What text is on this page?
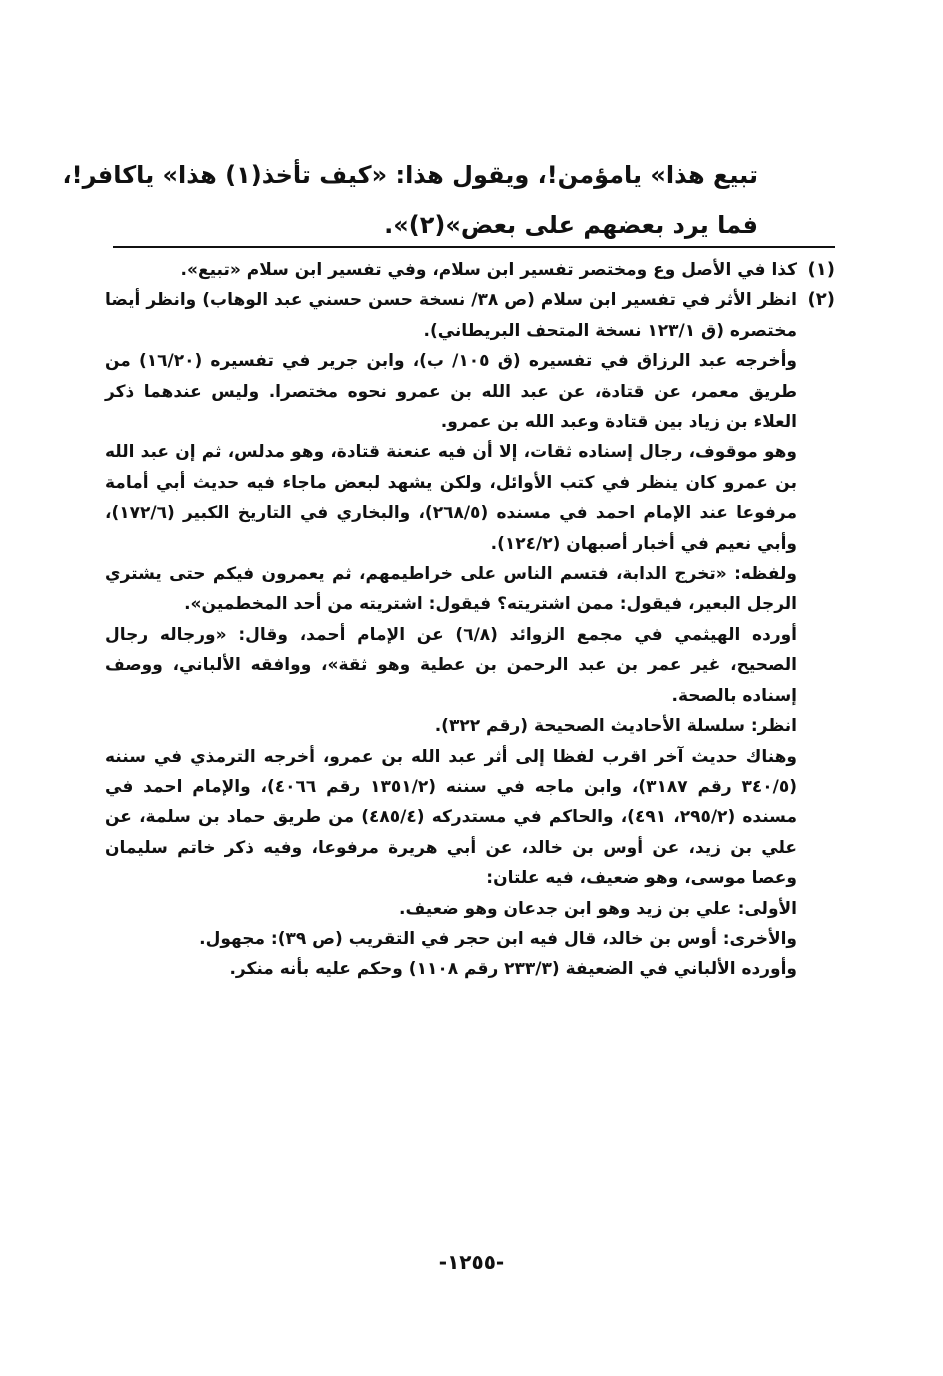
تبيع هذا» يامؤمن!، ويقول هذا: «كيف تأخذ(١) هذا» ياكافر!،

فما يرد بعضهم على بعض»(٢)».

(١)

كذا في الأصل وع ومختصر تفسير ابن سلام، وفي تفسير ابن سلام «تبيع».

(٢)

انظر الأثر في تفسير ابن سلام (ص ٣٨/ نسخة حسن حسني عبد الوهاب) وانظر أيضا مختصره (ق ١٢٣/١ نسخة المتحف البريطاني).

وأخرجه عبد الرزاق في تفسيره (ق ١٠٥/ ب)، وابن جرير في تفسيره (١٦/٢٠) من طريق معمر، عن قتادة، عن عبد الله بن عمرو نحوه مختصرا. وليس عندهما ذكر العلاء بن زياد بين قتادة وعبد الله بن عمرو.

وهو موقوف، رجال إسناده ثقات، إلا أن فيه عنعنة قتادة، وهو مدلس، ثم إن عبد الله بن عمرو كان ينظر في كتب الأوائل، ولكن يشهد لبعض ماجاء فيه حديث أبي أمامة مرفوعا عند الإمام احمد في مسنده (٢٦٨/٥)، والبخاري في التاريخ الكبير (١٧٢/٦)، وأبي نعيم في أخبار أصبهان (١٢٤/٢).

ولفظه: «تخرج الدابة، فتسم الناس على خراطيمهم، ثم يعمرون فيكم حتى يشتري الرجل البعير، فيقول: ممن اشتريته؟ فيقول: اشتريته من أحد المخطمين».

أورده الهيثمي في مجمع الزوائد (٦/٨) عن الإمام أحمد، وقال: «ورجاله رجال الصحيح، غير عمر بن عبد الرحمن بن عطية وهو ثقة»، ووافقه الألباني، ووصف إسناده بالصحة.

انظر: سلسلة الأحاديث الصحيحة (رقم ٣٢٢).

وهناك حديث آخر اقرب لفظا إلى أثر عبد الله بن عمرو، أخرجه الترمذي في سننه (٣٤٠/٥ رقم ٣١٨٧)، وابن ماجه في سننه (١٣٥١/٢ رقم ٤٠٦٦)، والإمام احمد في مسنده (٢٩٥/٢، ٤٩١)، والحاكم في مستدركه (٤٨٥/٤) من طريق حماد بن سلمة، عن علي بن زيد، عن أوس بن خالد، عن أبي هريرة مرفوعا، وفيه ذكر خاتم سليمان وعصا موسى، وهو ضعيف، فيه علتان:

الأولى: علي بن زيد وهو ابن جدعان وهو ضعيف.

والأخرى: أوس بن خالد، قال فيه ابن حجر في التقريب (ص ٣٩): مجهول.

وأورده الألباني في الضعيفة (٢٣٣/٣ رقم ١١٠٨) وحكم عليه بأنه منكر.

-١٢٥٥-
